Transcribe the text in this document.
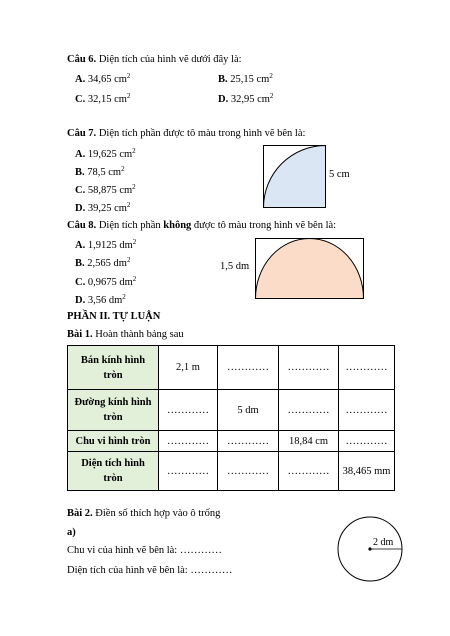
Câu 6. Diện tích của hình vẽ dưới đây là:
A. 34,65 $cm^2$	B. 25,15 $cm^2$
C. 32,15 $cm^2$	D. 32,95 $cm^2$
Câu 7. Diện tích phần được tô màu trong hình vẽ bên là:
A. 19,625 $cm^2$
B. 78,5 $cm^2$
C. 58,875 $cm^2$
D. 39,25 $cm^2$
5 cm
Câu 8. Diện tích phần không được tô màu trong hình vẽ bên là:
A. 1,9125 $dm^2$
B. 2,565 $dm^2$
C. 0,9675 $dm^2$
D. 3,56 $dm^2$
1,5 dm
PHẦN II. TỰ LUẬN
Bài 1. Hoàn thành bảng sau
Bán kính hình
tròn	2,1 m	…………	…………	…………
Đường kính hình
tròn	…………	5 dm	…………	…………
Chu vi hình tròn	…………	…………	18,84 cm	…………
Diện tích hình
tròn	…………	…………	…………	38,465 mm
Bài 2. Điền số thích hợp vào ô trống
a)
Chu vi của hình vẽ bên là: …………
Diện tích của hình vẽ bên là: …………
2 dm
